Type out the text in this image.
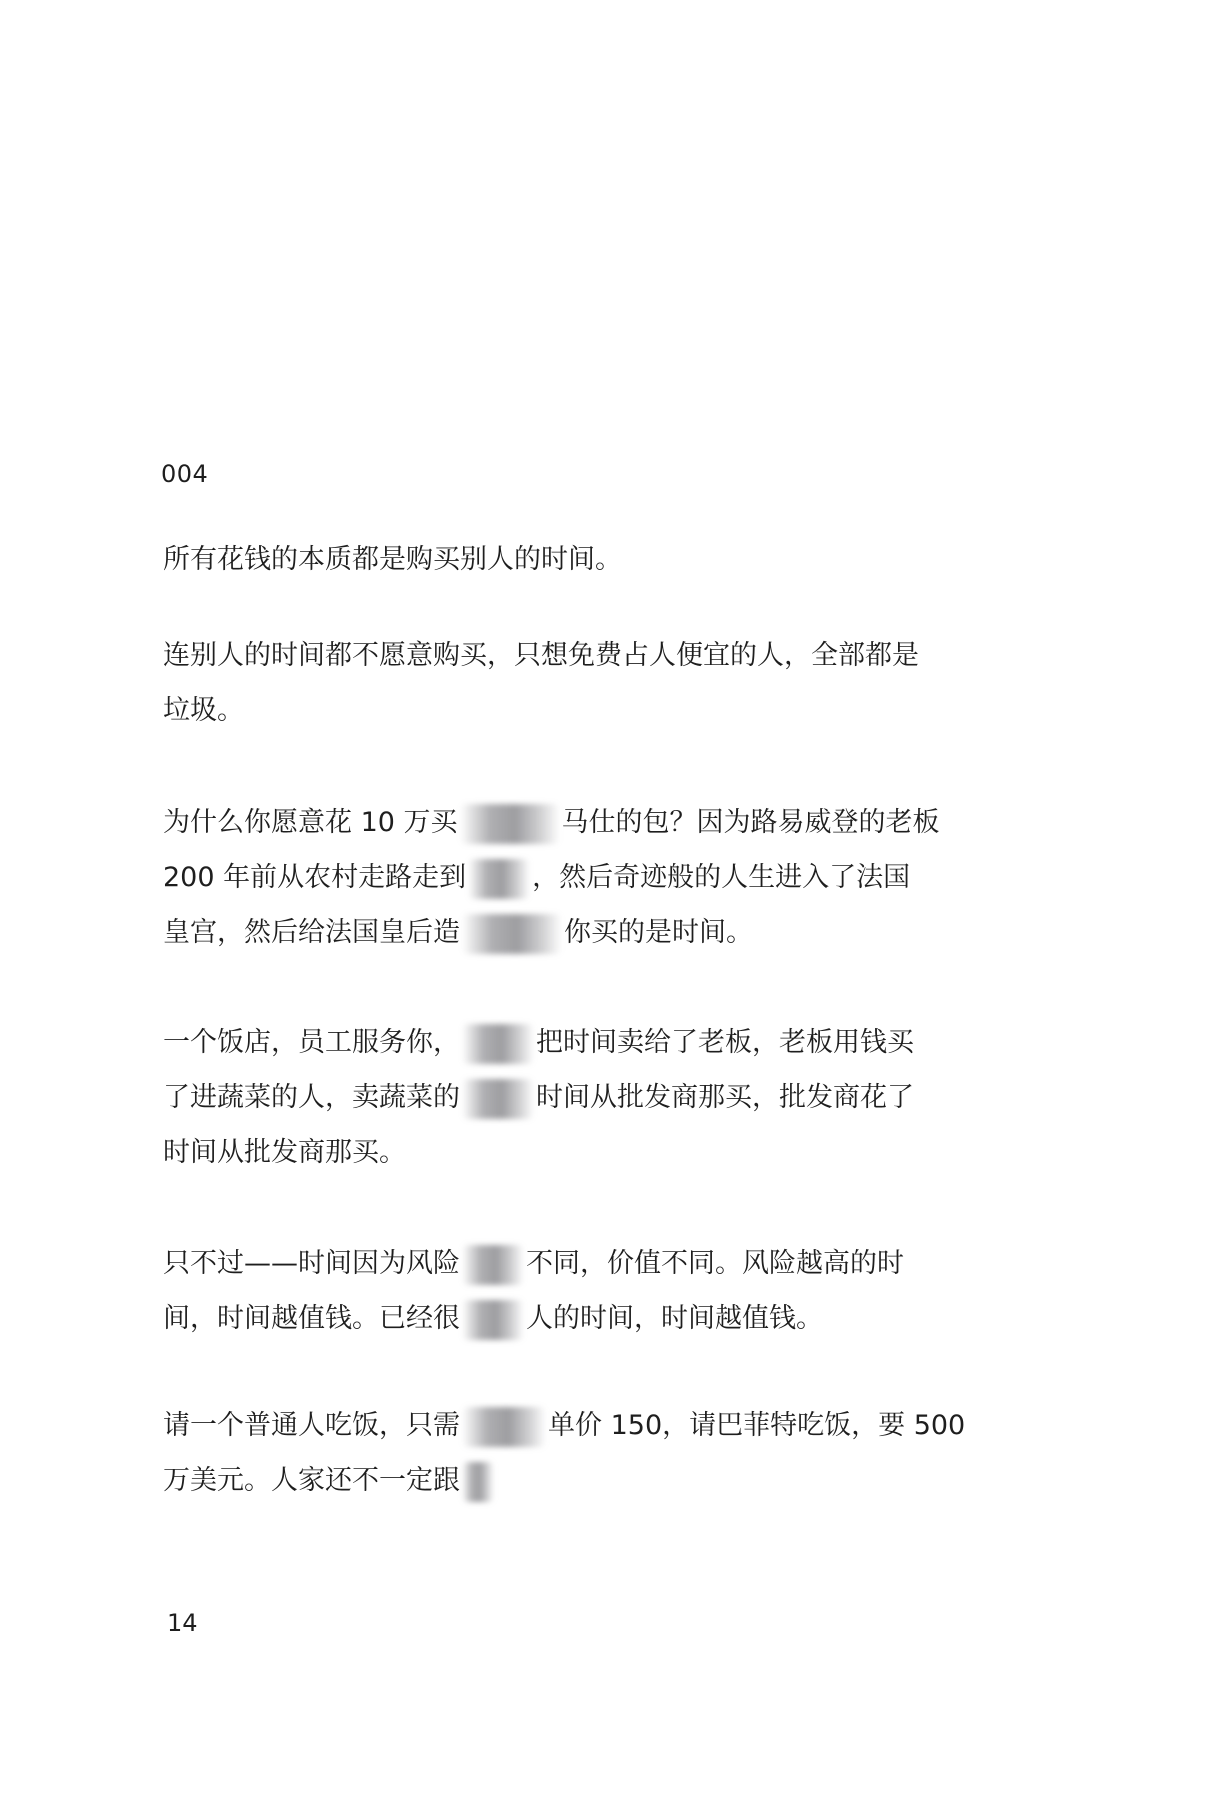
004
所有花钱的本质都是购买别人的时间。
连别人的时间都不愿意购买，只想免费占人便宜的人，全部都是
垃圾。
为什么你愿意花 10 万买	马仕的包？因为路易威登的老板
200 年前从农村走路走到 ，然后奇迹般的人生进入了法国
皇宫，然后给法国皇后造	你买的是时间。
一个饭店，员工服务你，	把时间卖给了老板，老板用钱买
了进蔬菜的人，卖蔬菜的	时间从批发商那买，批发商花了
时间从批发商那买。
只不过——时间因为风险 不同，价值不同。风险越高的时
间，时间越值钱。已经很 人的时间，时间越值钱。
请一个普通人吃饭，只需	单价 150，请巴菲特吃饭，要 500
万美元。人家还不一定跟
14
